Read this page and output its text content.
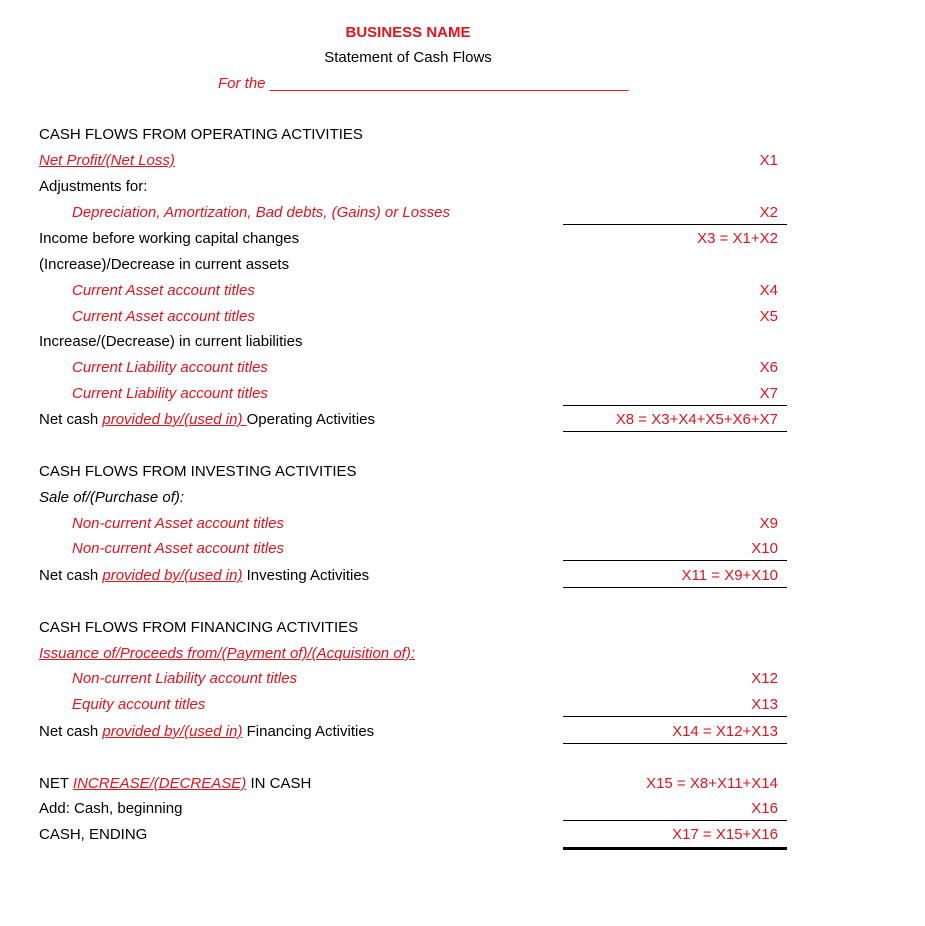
BUSINESS NAME
Statement of Cash Flows
For the ___________________________________________
CASH FLOWS FROM OPERATING ACTIVITIES
Net Profit/(Net Loss)	X1
Adjustments for:
Depreciation, Amortization, Bad debts, (Gains) or Losses	X2
Income before working capital changes	X3 = X1+X2
(Increase)/Decrease in current assets
Current Asset account titles	X4
Current Asset account titles	X5
Increase/(Decrease) in current liabilities
Current Liability account titles	X6
Current Liability account titles	X7
Net cash provided by/(used in) Operating Activities	X8 = X3+X4+X5+X6+X7
CASH FLOWS FROM INVESTING ACTIVITIES
Sale of/(Purchase of):
Non-current Asset account titles	X9
Non-current Asset account titles	X10
Net cash provided by/(used in) Investing Activities	X11 = X9+X10
CASH FLOWS FROM FINANCING ACTIVITIES
Issuance of/Proceeds from/(Payment of)/(Acquisition of):
Non-current Liability account titles	X12
Equity account titles	X13
Net cash provided by/(used in) Financing Activities	X14 = X12+X13
NET INCREASE/(DECREASE) IN CASH	X15 = X8+X11+X14
Add: Cash, beginning	X16
CASH, ENDING	X17 = X15+X16
